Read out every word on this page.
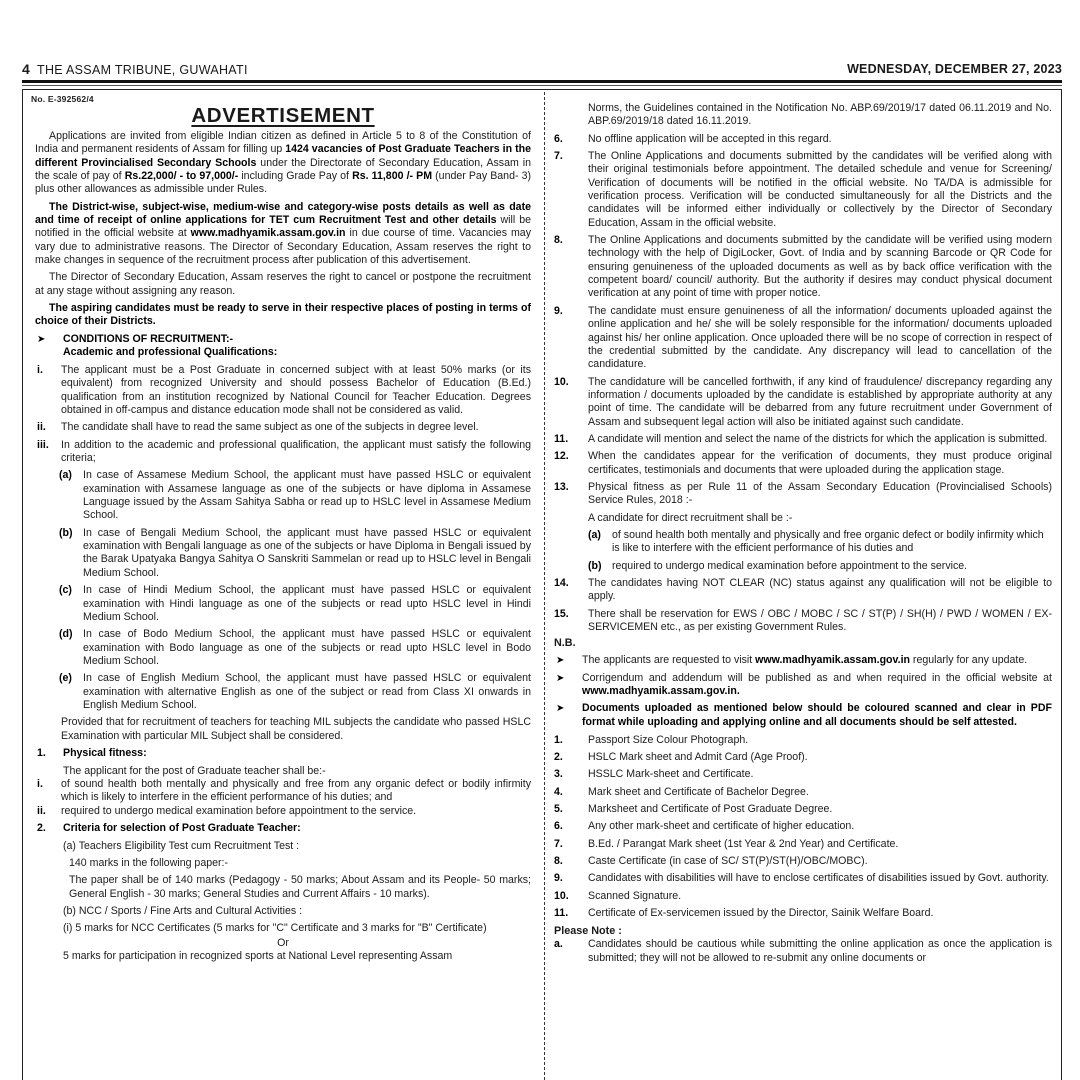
4 THE ASSAM TRIBUNE, GUWAHATI	WEDNESDAY, DECEMBER 27, 2023
No. E-392562/4
ADVERTISEMENT

Applications are invited from eligible Indian citizen as defined in Article 5 to 8 of the Constitution of India and permanent residents of Assam for filling up 1424 vacancies of Post Graduate Teachers in the different Provincialised Secondary Schools under the Directorate of Secondary Education, Assam in the scale of pay of Rs.22,000/ - to 97,000/- including Grade Pay of Rs. 11,800 /- PM (under Pay Band- 3) plus other allowances as admissible under Rules.

The District-wise, subject-wise, medium-wise and category-wise posts details as well as date and time of receipt of online applications for TET cum Recruitment Test and other details will be notified in the official website at www.madhyamik.assam.gov.in in due course of time. Vacancies may vary due to administrative reasons. The Director of Secondary Education, Assam reserves the right to make changes in sequence of the recruitment process after publication of this advertisement.

The Director of Secondary Education, Assam reserves the right to cancel or postpone the recruitment at any stage without assigning any reason.

The aspiring candidates must be ready to serve in their respective places of posting in terms of choice of their Districts.

➤	CONDITIONS OF RECRUITMENT:-
Academic and professional Qualifications:
i.	The applicant must be a Post Graduate in concerned subject with at least 50% marks (or its equivalent) from recognized University and should possess Bachelor of Education (B.Ed.) qualification from an institution recognized by National Council for Teacher Education. Degrees obtained in off-campus and distance education mode shall not be considered as valid.
ii.	The candidate shall have to read the same subject as one of the subjects in degree level.
iii.	In addition to the academic and professional qualification, the applicant must satisfy the following criteria;
(a)	In case of Assamese Medium School, the applicant must have passed HSLC or equivalent examination with Assamese language as one of the subjects or have diploma in Assamese Language issued by the Assam Sahitya Sabha or read up to HSLC level in Assamese Medium School.
(b) In case of Bengali Medium School, the applicant must have passed HSLC or equivalent examination with Bengali language as one of the subjects or have Diploma in Bengali issued by the Barak Upatyaka Bangya Sahitya O Sanskriti Sammelan or read up to HSLC level in Bengali Medium School.
(c)	In case of Hindi Medium School, the applicant must have passed HSLC or equivalent examination with Hindi language as one of the subjects or read upto HSLC level in Hindi Medium School.
(d) In case of Bodo Medium School, the applicant must have passed HSLC or equivalent examination with Bodo language as one of the subjects or read upto HSLC level in Bodo Medium School.
(e)	In case of English Medium School, the applicant must have passed HSLC or equivalent examination with alternative English as one of the subject or read from Class XI onwards in English Medium School.
Provided that for recruitment of teachers for teaching MIL subjects the candidate who passed HSLC Examination with particular MIL Subject shall be considered.
1.	Physical fitness:
The applicant for the post of Graduate teacher shall be:-
i.	of sound health both mentally and physically and free from any organic defect or bodily infirmity which is likely to interfere in the efficient performance of his duties; and
ii.	required to undergo medical examination before appointment to the service.
2.	Criteria for selection of Post Graduate Teacher:
(a) Teachers Eligibility Test cum Recruitment Test :
140 marks in the following paper:-
The paper shall be of 140 marks (Pedagogy - 50 marks; About Assam and its People- 50 marks; General English - 30 marks; General Studies and Current Affairs - 10 marks).
(b) NCC / Sports / Fine Arts and Cultural Activities :
(i) 5 marks for NCC Certificates (5 marks for "C" Certificate and 3 marks for "B" Certificate)
Or
5 marks for participation in recognized sports at National Level representing Assam
Norms, the Guidelines contained in the Notification No. ABP.69/2019/17 dated 06.11.2019 and No. ABP.69/2019/18 dated 16.11.2019.
6.	No offline application will be accepted in this regard.
7.	The Online Applications and documents submitted by the candidates will be verified along with their original testimonials before appointment. The detailed schedule and venue for Screening/ Verification of documents will be notified in the official website. No TA/DA is admissible for verification process. Verification will be conducted simultaneously for all the Districts and the candidates will be informed either individually or collectively by the Director of Secondary Education, Assam in the official website.
8.	The Online Applications and documents submitted by the candidate will be verified using modern technology with the help of DigiLocker, Govt. of India and by scanning Barcode or QR Code for ensuring genuineness of the uploaded documents as well as by back office verification with the competent board/ council/ authority. But the authority if desires may conduct physical document verification at any point of time with proper notice.
9.	The candidate must ensure genuineness of all the information/ documents uploaded against the online application and he/ she will be solely responsible for the information/ documents uploaded against his/ her online application. Once uploaded there will be no scope of correction in respect of the credential submitted by the candidate. Any discrepancy will lead to cancellation of the candidature.
10.	The candidature will be cancelled forthwith, if any kind of fraudulence/ discrepancy regarding any information / documents uploaded by the candidate is established by appropriate authority at any point of time. The candidate will be debarred from any future recruitment under Government of Assam and subsequent legal action will also be initiated against such candidate.
11.	A candidate will mention and select the name of the districts for which the application is submitted.
12.	When the candidates appear for the verification of documents, they must produce original certificates, testimonials and documents that were uploaded during the application stage.
13.	Physical fitness as per Rule 11 of the Assam Secondary Education (Provincialised Schools) Service Rules, 2018 :-
A candidate for direct recruitment shall be :-
(a)	of sound health both mentally and physically and free organic defect or bodily infirmity which is like to interfere with the efficient performance of his duties and
(b) required to undergo medical examination before appointment to the service.
14.	The candidates having NOT CLEAR (NC) status against any qualification will not be eligible to apply.
15.	There shall be reservation for EWS / OBC / MOBC / SC / ST(P) / SH(H) / PWD / WOMEN / EX-SERVICEMEN etc., as per existing Government Rules.
N.B.
➤	The applicants are requested to visit www.madhyamik.assam.gov.in regularly for any update.
➤	Corrigendum and addendum will be published as and when required in the official website at www.madhyamik.assam.gov.in.
➤	Documents uploaded as mentioned below should be coloured scanned and clear in PDF format while uploading and applying online and all documents should be self attested.
1.	Passport Size Colour Photograph.
2.	HSLC Mark sheet and Admit Card (Age Proof).
3.	HSSLC Mark-sheet and Certificate.
4.	Mark sheet and Certificate of Bachelor Degree.
5.	Marksheet and Certificate of Post Graduate Degree.
6.	Any other mark-sheet and certificate of higher education.
7.	B.Ed. / Parangat Mark sheet (1st Year & 2nd Year) and Certificate.
8.	Caste Certificate (in case of SC/ ST(P)/ST(H)/OBC/MOBC).
9.	Candidates with disabilities will have to enclose certificates of disabilities issued by Govt. authority.
10.	Scanned Signature.
11.	Certificate of Ex-servicemen issued by the Director, Sainik Welfare Board.
Please Note :
a.	Candidates should be cautious while submitting the online application as once the application is submitted; they will not be allowed to re-submit any online documents or
